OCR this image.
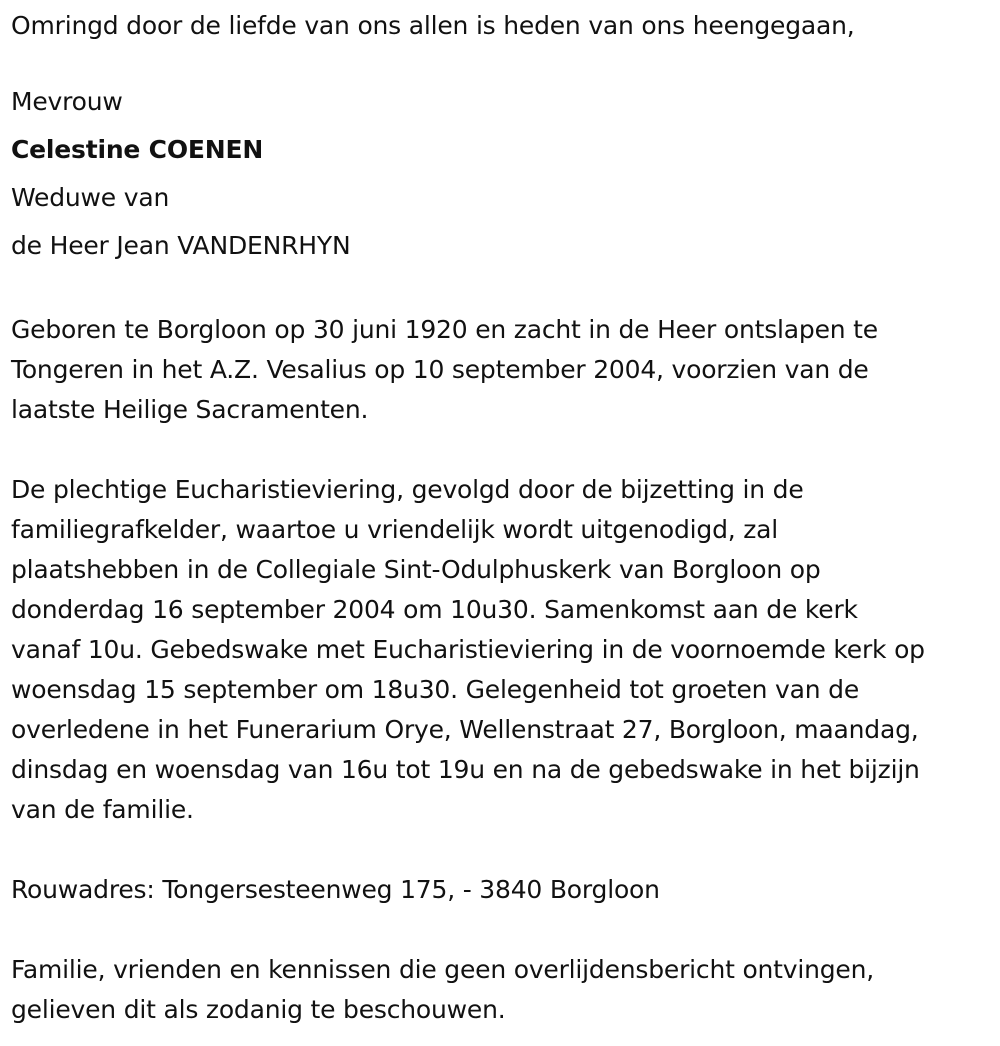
Omringd door de liefde van ons allen is heden van ons heengegaan,
Mevrouw
Celestine COENEN
Weduwe van
de Heer Jean VANDENRHYN
Geboren te Borgloon op 30 juni 1920 en zacht in de Heer ontslapen te
Tongeren in het A.Z. Vesalius op 10 september 2004, voorzien van de
laatste Heilige Sacramenten.
De plechtige Eucharistieviering, gevolgd door de bijzetting in de
familiegrafkelder, waartoe u vriendelijk wordt uitgenodigd, zal
plaatshebben in de Collegiale Sint-Odulphuskerk van Borgloon op
donderdag 16 september 2004 om 10u30. Samenkomst aan de kerk
vanaf 10u. Gebedswake met Eucharistieviering in de voornoemde kerk op
woensdag 15 september om 18u30. Gelegenheid tot groeten van de
overledene in het Funerarium Orye, Wellenstraat 27, Borgloon, maandag,
dinsdag en woensdag van 16u tot 19u en na de gebedswake in het bijzijn
van de familie.
Rouwadres: Tongersesteenweg 175, - 3840 Borgloon
Familie, vrienden en kennissen die geen overlijdensbericht ontvingen,
gelieven dit als zodanig te beschouwen.
